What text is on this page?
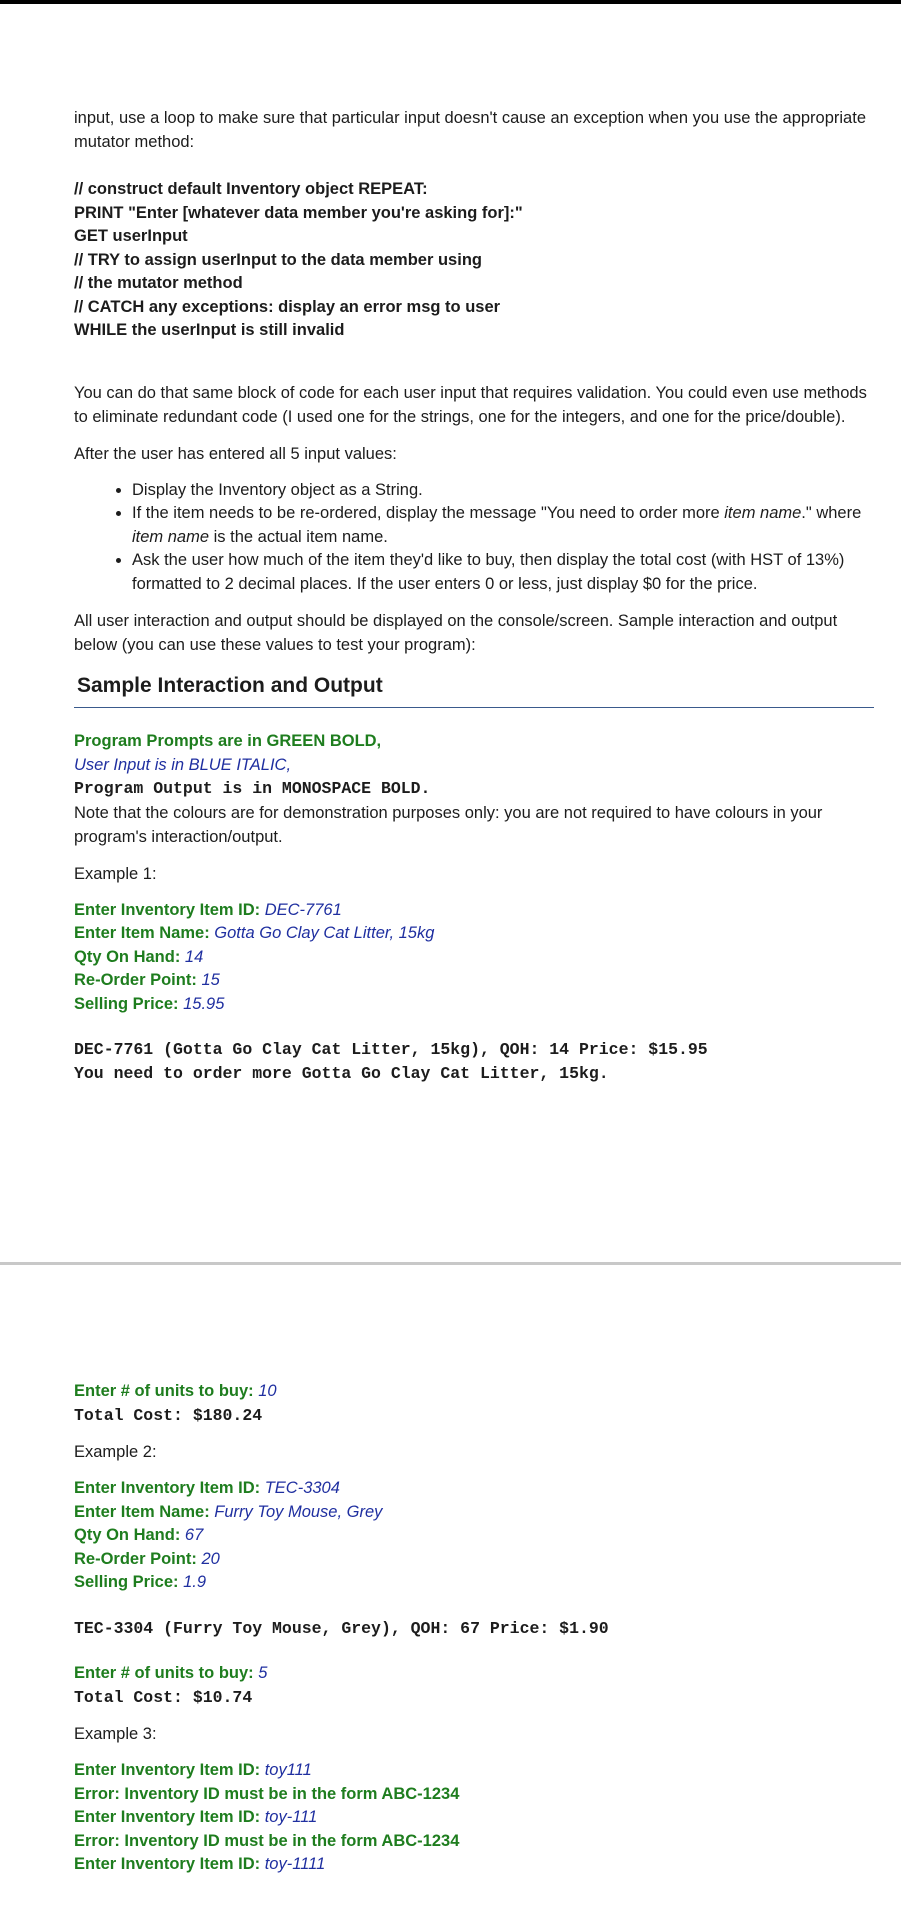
input, use a loop to make sure that particular input doesn't cause an exception when you use the appropriate mutator method:

// construct default Inventory object REPEAT:
PRINT "Enter [whatever data member you're asking for]:"
GET userInput
// TRY to assign userInput to the data member using
// the mutator method
// CATCH any exceptions: display an error msg to user
WHILE the userInput is still invalid

You can do that same block of code for each user input that requires validation. You could even use methods to eliminate redundant code (I used one for the strings, one for the integers, and one for the price/double).

After the user has entered all 5 input values:

• Display the Inventory object as a String.
• If the item needs to be re-ordered, display the message "You need to order more item name." where item name is the actual item name.
• Ask the user how much of the item they'd like to buy, then display the total cost (with HST of 13%) formatted to 2 decimal places. If the user enters 0 or less, just display $0 for the price.

All user interaction and output should be displayed on the console/screen. Sample interaction and output below (you can use these values to test your program):

Sample Interaction and Output
Program Prompts are in GREEN BOLD,
User Input is in BLUE ITALIC,
Program Output is in MONOSPACE BOLD.

Note that the colours are for demonstration purposes only: you are not required to have colours in your program's interaction/output.

Example 1:

Enter Inventory Item ID: DEC-7761
Enter Item Name: Gotta Go Clay Cat Litter, 15kg
Qty On Hand: 14
Re-Order Point: 15
Selling Price: 15.95
DEC-7761 (Gotta Go Clay Cat Litter, 15kg), QOH: 14 Price: $15.95
You need to order more Gotta Go Clay Cat Litter, 15kg.
Enter # of units to buy: 10
Total Cost: $180.24

Example 2:

Enter Inventory Item ID: TEC-3304
Enter Item Name: Furry Toy Mouse, Grey
Qty On Hand: 67
Re-Order Point: 20
Selling Price: 1.9
TEC-3304 (Furry Toy Mouse, Grey), QOH: 67 Price: $1.90
Enter # of units to buy: 5
Total Cost: $10.74

Example 3:

Enter Inventory Item ID: toy111
Error: Inventory ID must be in the form ABC-1234
Enter Inventory Item ID: toy-111
Error: Inventory ID must be in the form ABC-1234
Enter Inventory Item ID: toy-1111
